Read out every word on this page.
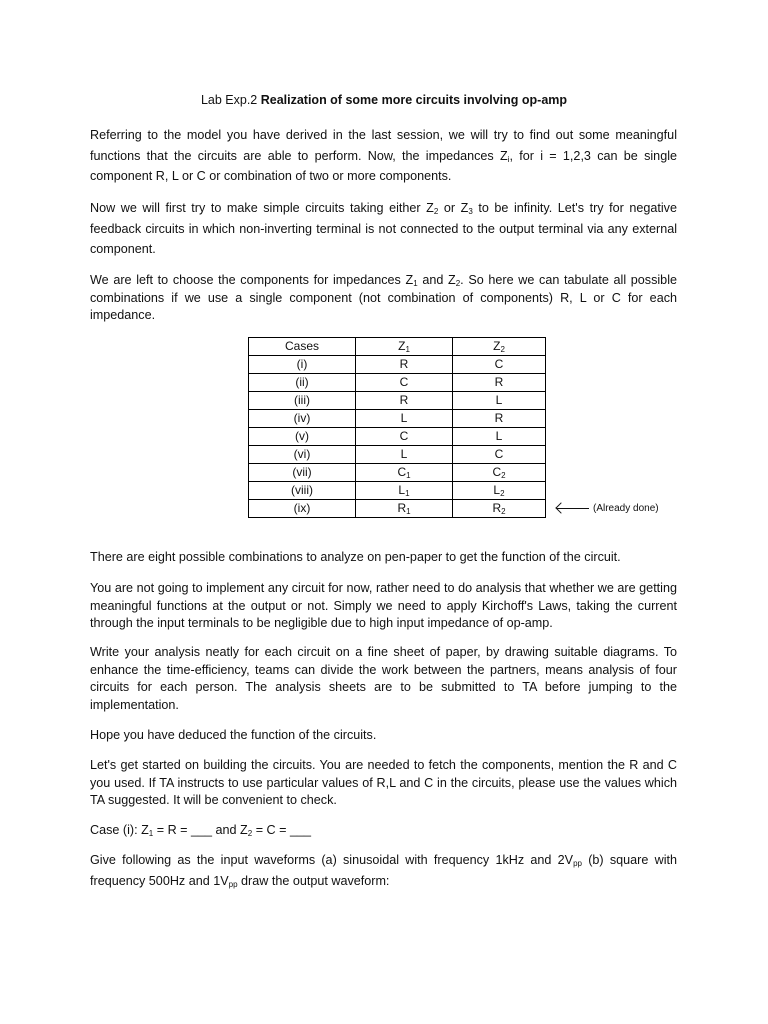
Lab Exp.2 Realization of some more circuits involving op-amp

Referring to the model you have derived in the last session, we will try to find out some meaningful functions that the circuits are able to perform. Now, the impedances $Z_i$, for i = 1,2,3 can be single component R, L or C or combination of two or more components.

Now we will first try to make simple circuits taking either $Z_2$ or $Z_3$ to be infinity. Let's try for negative feedback circuits in which non-inverting terminal is not connected to the output terminal via any external component.

We are left to choose the components for impedances $Z_1$ and $Z_2$. So here we can tabulate all possible combinations if we use a single component (not combination of components) R, L or C for each impedance.

Cases	$Z_1$	$Z_2$
(i)	R	C
(ii)	C	R
(iii)	R	L
(iv)	L	R
(v)	C	L
(vi)	L	C
(vii)	$C_1$	$C_2$
(viii)	$L_1$	$L_2$
(ix)	$R_1$	$R_2$	(Already done)

There are eight possible combinations to analyze on pen-paper to get the function of the circuit.

You are not going to implement any circuit for now, rather need to do analysis that whether we are getting meaningful functions at the output or not. Simply we need to apply Kirchoff's Laws, taking the current through the input terminals to be negligible due to high input impedance of op-amp.

Write your analysis neatly for each circuit on a fine sheet of paper, by drawing suitable diagrams. To enhance the time-efficiency, teams can divide the work between the partners, means analysis of four circuits for each person. The analysis sheets are to be submitted to TA before jumping to the implementation.

Hope you have deduced the function of the circuits.

Let's get started on building the circuits. You are needed to fetch the components, mention the R and C you used. If TA instructs to use particular values of R,L and C in the circuits, please use the values which TA suggested. It will be convenient to check.

Case (i): $Z_1 = R$ = ___ and $Z_2 = C$ = ___

Give following as the input waveforms (a) sinusoidal with frequency 1kHz and $2V_{pp}$ (b) square with frequency 500Hz and $1V_{pp}$ draw the output waveform:
